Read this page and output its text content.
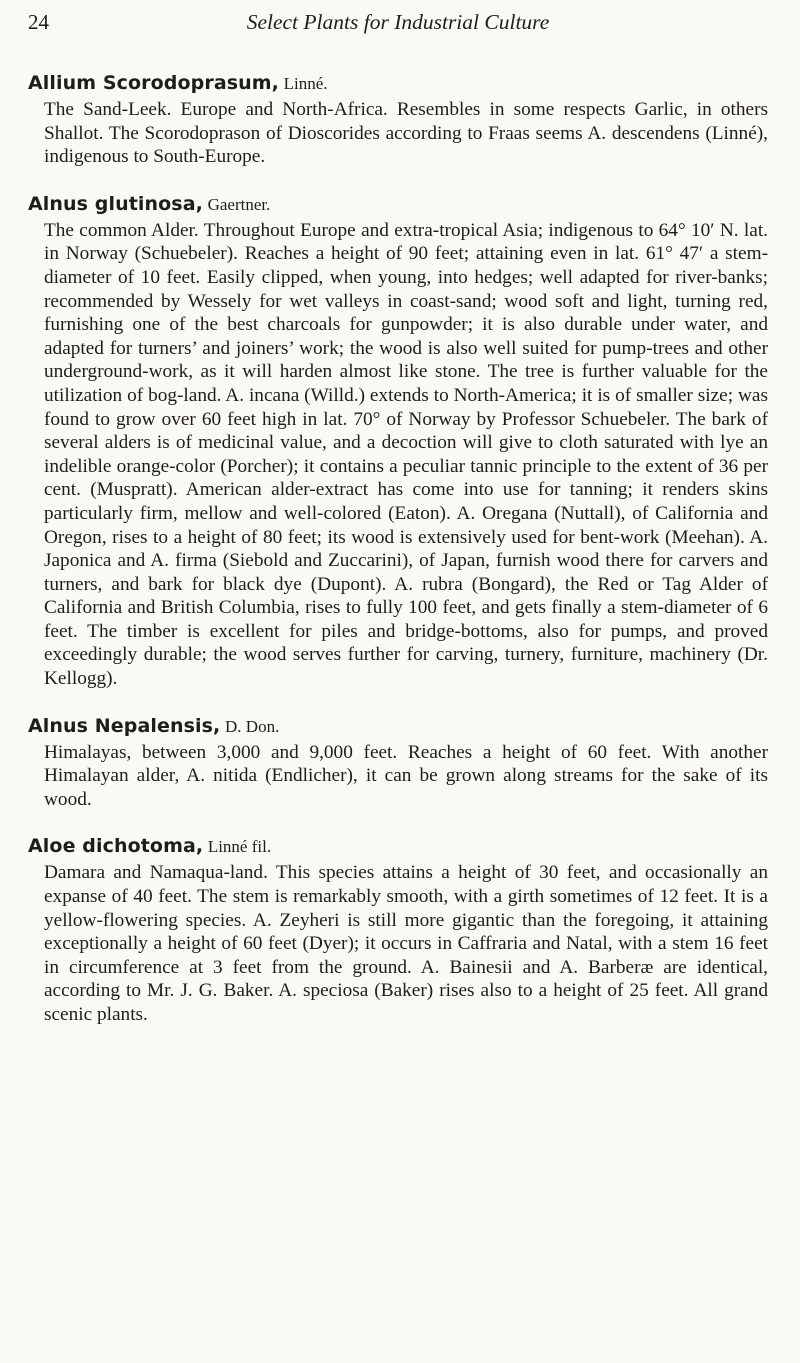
24	Select Plants for Industrial Culture
Allium Scorodoprasum, Linné.

The Sand-Leek. Europe and North-Africa. Resembles in some respects Garlic, in others Shallot. The Scorodoprason of Dioscorides according to Fraas seems A. descendens (Linné), indigenous to South-Europe.

Alnus glutinosa, Gaertner.

The common Alder. Throughout Europe and extra-tropical Asia; indigenous to 64° 10′ N. lat. in Norway (Schuebeler). Reaches a height of 90 feet; attaining even in lat. 61° 47′ a stem-diameter of 10 feet. Easily clipped, when young, into hedges; well adapted for river-banks; recommended by Wessely for wet valleys in coast-sand; wood soft and light, turning red, furnishing one of the best charcoals for gunpowder; it is also durable under water, and adapted for turners’ and joiners’ work; the wood is also well suited for pump-trees and other underground-work, as it will harden almost like stone. The tree is further valuable for the utilization of bog-land. A. incana (Willd.) extends to North-America; it is of smaller size; was found to grow over 60 feet high in lat. 70° of Norway by Professor Schuebeler. The bark of several alders is of medicinal value, and a decoction will give to cloth saturated with lye an indelible orange-color (Porcher); it contains a peculiar tannic principle to the extent of 36 per cent. (Muspratt). American alder-extract has come into use for tanning; it renders skins particularly firm, mellow and well-colored (Eaton). A. Oregana (Nuttall), of California and Oregon, rises to a height of 80 feet; its wood is extensively used for bent-work (Meehan). A. Japonica and A. firma (Siebold and Zuccarini), of Japan, furnish wood there for carvers and turners, and bark for black dye (Dupont). A. rubra (Bongard), the Red or Tag Alder of California and British Columbia, rises to fully 100 feet, and gets finally a stem-diameter of 6 feet. The timber is excellent for piles and bridge-bottoms, also for pumps, and proved exceedingly durable; the wood serves further for carving, turnery, furniture, machinery (Dr. Kellogg).

Alnus Nepalensis, D. Don.

Himalayas, between 3,000 and 9,000 feet. Reaches a height of 60 feet. With another Himalayan alder, A. nitida (Endlicher), it can be grown along streams for the sake of its wood.

Aloe dichotoma, Linné fil.

Damara and Namaqua-land. This species attains a height of 30 feet, and occasionally an expanse of 40 feet. The stem is remarkably smooth, with a girth sometimes of 12 feet. It is a yellow-flowering species. A. Zeyheri is still more gigantic than the foregoing, it attaining exceptionally a height of 60 feet (Dyer); it occurs in Caffraria and Natal, with a stem 16 feet in circumference at 3 feet from the ground. A. Bainesii and A. Barberæ are identical, according to Mr. J. G. Baker. A. speciosa (Baker) rises also to a height of 25 feet. All grand scenic plants.
